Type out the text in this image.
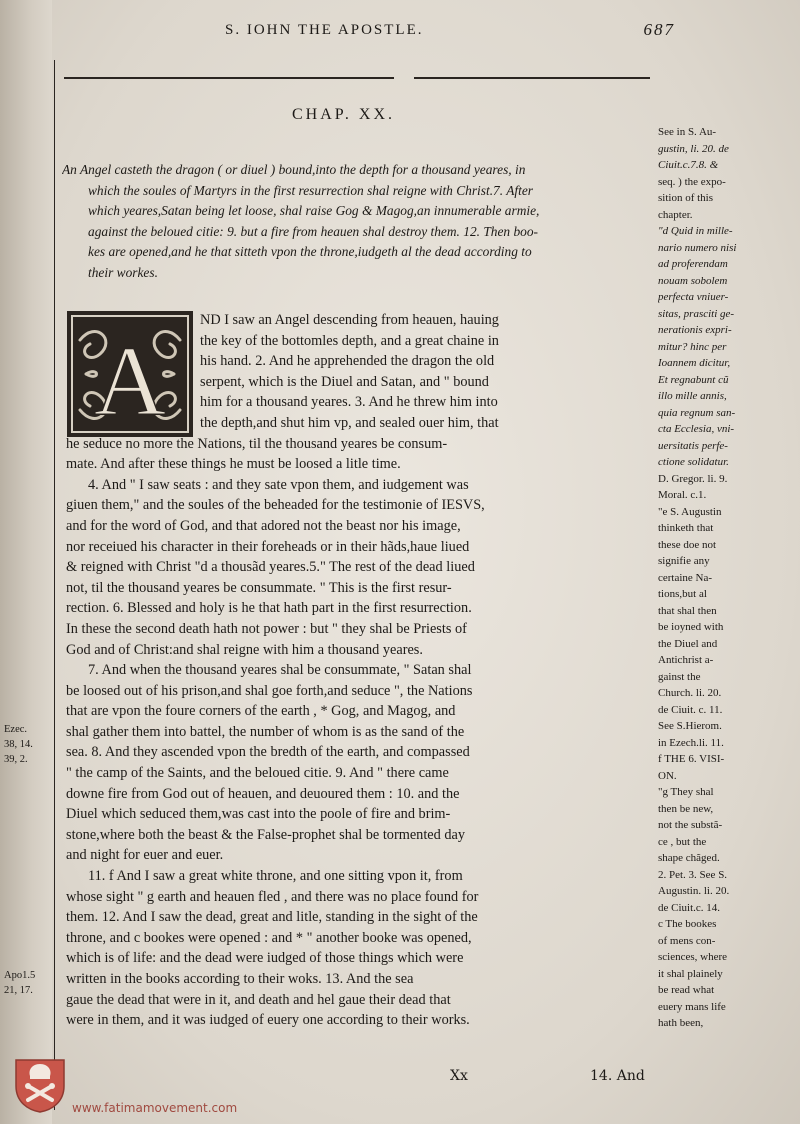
S. IOHN THE APOSTLE.	687
CHAP. XX.
An Angel casteth the dragon ( or diuel ) bound,into the depth for a thousand yeares, in
which the soules of Martyrs in the first resurrection shal reigne with Christ.7. After
which yeares,Satan being let loose, shal raise Gog & Magog,an innumerable armie,
against the beloued citie: 9. but a fire from heauen shal destroy them. 12. Then boo-
kes are opened,and he that sitteth vpon the throne,iudgeth al the dead according to
their workes.
A
ND I saw an Angel descending from heauen, hauing
the key of the bottomles depth, and a great chaine in
his hand. 2. And he apprehended the dragon the old
serpent, which is the Diuel and Satan, and " bound
him for a thousand yeares. 3. And he threw him into
the depth,and shut him vp, and sealed ouer him, that
he seduce no more the Nations, til the thousand yeares be consum-
mate. And after these things he must be loosed a litle time.
4. And " I saw seats : and they sate vpon them, and iudgement was
giuen them," and the soules of the beheaded for the testimonie of IESVS,
and for the word of God, and that adored not the beast nor his image,
nor receiued his character in their foreheads or in their hãds,haue liued
& reigned with Christ "d a thousãd yeares.5." The rest of the dead liued
not, til the thousand yeares be consummate. " This is the first resur-
rection. 6. Blessed and holy is he that hath part in the first resurrection.
In these the second death hath not power : but " they shal be Priests of
God and of Christ:and shal reigne with him a thousand yeares.
7. And when the thousand yeares shal be consummate, " Satan shal
be loosed out of his prison,and shal goe forth,and seduce ", the Nations
that are vpon the foure corners of the earth , * Gog, and Magog, and
shal gather them into battel, the number of whom is as the sand of the
sea. 8. And they ascended vpon the bredth of the earth, and compassed
" the camp of the Saints, and the beloued citie. 9. And " there came
downe fire from God out of heauen, and deuoured them : 10. and the
Diuel which seduced them,was cast into the poole of fire and brim-
stone,where both the beast & the False-prophet shal be tormented day
and night for euer and euer.
11. f And I saw a great white throne, and one sitting vpon it, from
whose sight " g earth and heauen fled , and there was no place found for
them. 12. And I saw the dead, great and litle, standing in the sight of the
throne, and c bookes were opened : and * " another booke was opened,
which is of life: and the dead were iudged of those things which were
written in the books according to their woks. 13. And the sea
gaue the dead that were in it, and death and hel gaue their dead that
were in them, and it was iudged of euery one according to their works.
See in S. Au-
gustin, li. 20. de
Ciuit.c.7.8. &
seq. ) the expo-
sition of this
chapter.
"d Quid in mille-
nario numero nisi
ad proferendam
nouam sobolem
perfecta vniuer-
sitas, prasciti ge-
nerationis expri-
mitur? hinc per
Ioannem dicitur,
Et regnabunt cũ
illo mille annis,
quia regnum san-
cta Ecclesia, vni-
uersitatis perfe-
ctione solidatur.
D. Gregor. li. 9.
Moral. c.1.
"e S. Augustin
thinketh that
these doe not
signifie any
certaine Na-
tions,but al
that shal then
be ioyned with
the Diuel and
Antichrist a-
gainst the
Church. li. 20.
de Ciuit. c. 11.
See S.Hierom.
in Ezech.li. 11.
f THE 6. VISI-
ON.
"g They shal
then be new,
not the substã-
ce , but the
shape chãged.
2. Pet. 3. See S.
Augustin. li. 20.
de Ciuit.c. 14.
c The bookes
of mens con-
sciences, where
it shal plainely
be read what
euery mans life
hath been,
Ezec.
38, 14.
39, 2.
Apo1.5
21, 17.
Xx	14. And
www.fatimamovement.com
